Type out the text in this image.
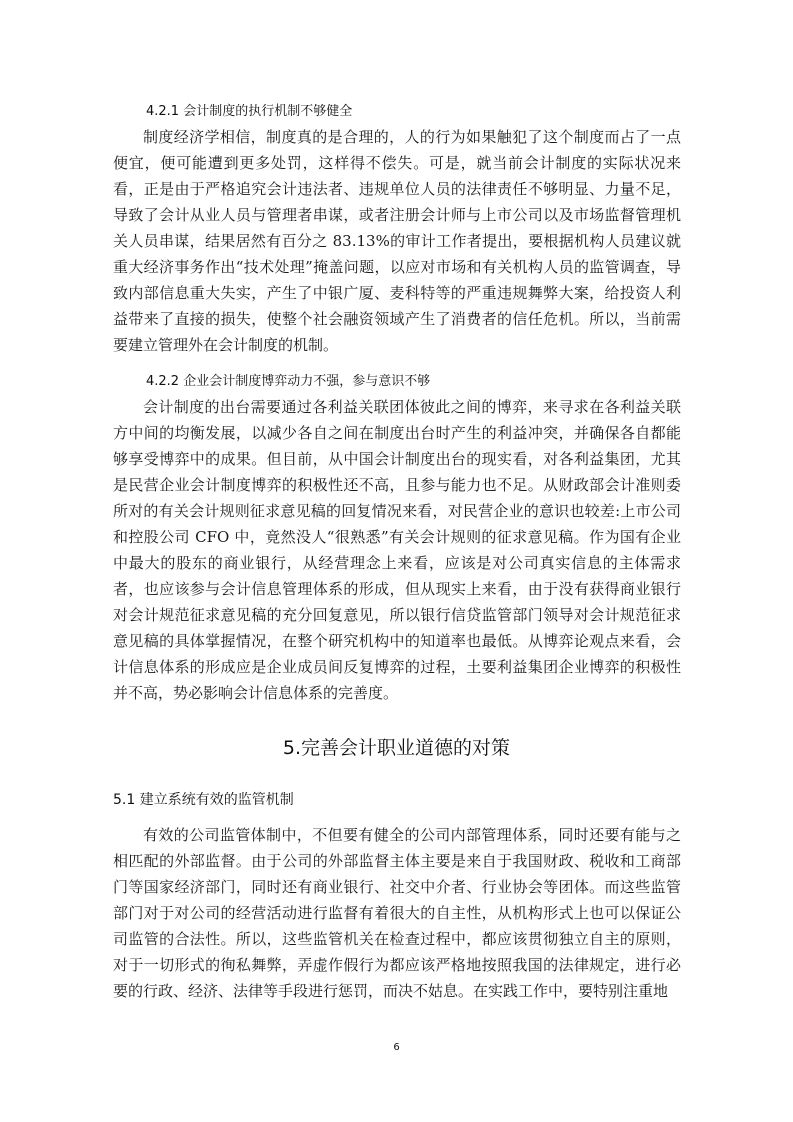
4.2.1 会计制度的执行机制不够健全

制度经济学相信，制度真的是合理的，人的行为如果触犯了这个制度而占了一点便宜，便可能遭到更多处罚，这样得不偿失。可是，就当前会计制度的实际状况来看，正是由于严格追究会计违法者、违规单位人员的法律责任不够明显、力量不足，导致了会计从业人员与管理者串谋，或者注册会计师与上市公司以及市场监督管理机关人员串谋，结果居然有百分之 83.13%的审计工作者提出，要根据机构人员建议就重大经济事务作出“技术处理”掩盖问题，以应对市场和有关机构人员的监管调查，导致内部信息重大失实，产生了中银广厦、麦科特等的严重违规舞弊大案，给投资人利益带来了直接的损失，使整个社会融资领域产生了消费者的信任危机。所以，当前需要建立管理外在会计制度的机制。

4.2.2 企业会计制度博弈动力不强，参与意识不够

会计制度的出台需要通过各利益关联团体彼此之间的博弈，来寻求在各利益关联方中间的均衡发展，以减少各自之间在制度出台时产生的利益冲突，并确保各自都能够享受博弈中的成果。但目前，从中国会计制度出台的现实看，对各利益集团，尤其是民营企业会计制度博弈的积极性还不高，且参与能力也不足。从财政部会计准则委所对的有关会计规则征求意见稿的回复情况来看，对民营企业的意识也较差:上市公司和控股公司 CFO 中，竟然没人“很熟悉”有关会计规则的征求意见稿。作为国有企业中最大的股东的商业银行，从经营理念上来看，应该是对公司真实信息的主体需求者，也应该参与会计信息管理体系的形成，但从现实上来看，由于没有获得商业银行对会计规范征求意见稿的充分回复意见，所以银行信贷监管部门领导对会计规范征求意见稿的具体掌握情况，在整个研究机构中的知道率也最低。从博弈论观点来看，会计信息体系的形成应是企业成员间反复博弈的过程，土要利益集团企业博弈的积极性并不高，势必影响会计信息体系的完善度。

5.完善会计职业道德的对策
5.1 建立系统有效的监管机制

有效的公司监管体制中，不但要有健全的公司内部管理体系，同时还要有能与之相匹配的外部监督。由于公司的外部监督主体主要是来自于我国财政、税收和工商部门等国家经济部门，同时还有商业银行、社交中介者、行业协会等团体。而这些监管部门对于对公司的经营活动进行监督有着很大的自主性，从机构形式上也可以保证公司监管的合法性。所以，这些监管机关在检查过程中，都应该贯彻独立自主的原则，对于一切形式的徇私舞弊，弄虚作假行为都应该严格地按照我国的法律规定，进行必要的行政、经济、法律等手段进行惩罚，而决不姑息。在实践工作中，要特别注重地

6
